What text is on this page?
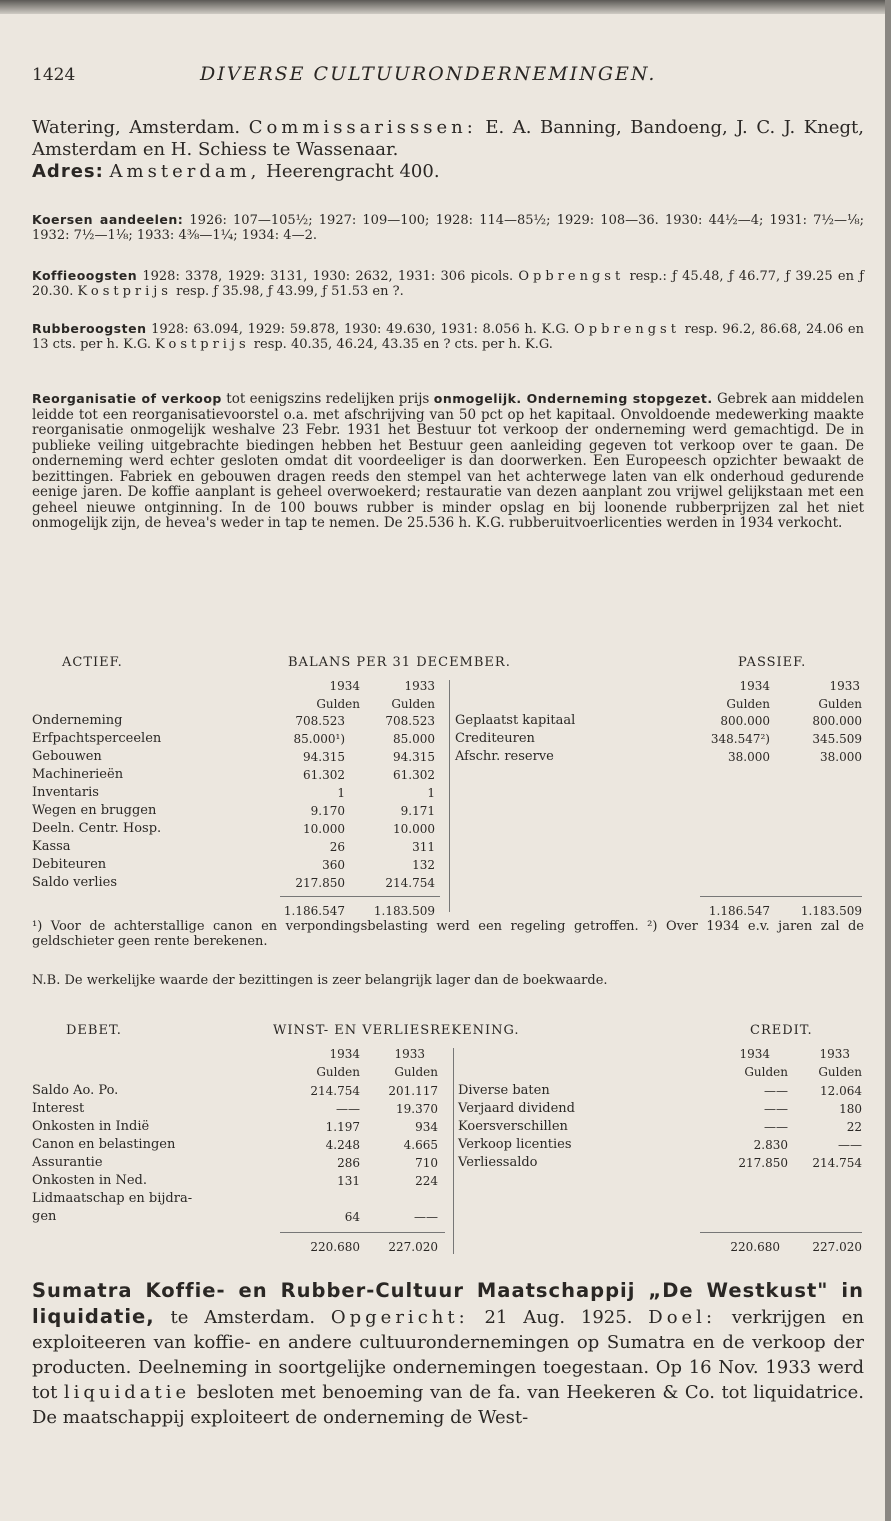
1424	DIVERSE CULTUURONDERNEMINGEN.
Watering, Amsterdam. Commissarisssen: E. A. Banning, Bandoeng, J. C. J. Knegt, Amsterdam en H. Schiess te Wassenaar.
Adres: Amsterdam, Heerengracht 400.
Koersen aandeelen: 1926: 107—105½; 1927: 109—100; 1928: 114—85½; 1929: 108—36. 1930: 44½—4; 1931: 7½—⅛; 1932: 7½—1⅛; 1933: 4⅜—1¼; 1934: 4—2.
Koffieoogsten 1928: 3378, 1929: 3131, 1930: 2632, 1931: 306 picols. Opbrengst resp.: ƒ 45.48, ƒ 46.77, ƒ 39.25 en ƒ 20.30. Kostprijs resp. ƒ 35.98, ƒ 43.99, ƒ 51.53 en ?.
Rubberoogsten 1928: 63.094, 1929: 59.878, 1930: 49.630, 1931: 8.056 h. K.G. Opbrengst resp. 96.2, 86.68, 24.06 en 13 cts. per h. K.G. Kostprijs resp. 40.35, 46.24, 43.35 en ? cts. per h. K.G.
Reorganisatie of verkoop tot eenigszins redelijken prijs onmogelijk. Onderneming stopgezet. Gebrek aan middelen leidde tot een reorganisatievoorstel o.a. met afschrijving van 50 pct op het kapitaal. Onvoldoende medewerking maakte reorganisatie onmogelijk weshalve 23 Febr. 1931 het Bestuur tot verkoop der onderneming werd gemachtigd. De in publieke veiling uitgebrachte biedingen hebben het Bestuur geen aanleiding gegeven tot verkoop over te gaan. De onderneming werd echter gesloten omdat dit voordeeliger is dan doorwerken. Een Europeesch opzichter bewaakt de bezittingen. Fabriek en gebouwen dragen reeds den stempel van het achterwege laten van elk onderhoud gedurende eenige jaren. De koffie aanplant is geheel overwoekerd; restauratie van dezen aanplant zou vrijwel gelijkstaan met een geheel nieuwe ontginning. In de 100 bouws rubber is minder opslag en bij loonende rubberprijzen zal het niet onmogelijk zijn, de hevea's weder in tap te nemen. De 25.536 h. K.G. rubberuitvoerlicenties werden in 1934 verkocht.
ACTIEF.	BALANS PER 31 DECEMBER.	PASSIEF.
1934	1933
Gulden	Gulden
1934	1933
Gulden	Gulden
Onderneming	708.523	708.523
Erfpachtsperceelen	85.000¹)	85.000
Gebouwen	94.315	94.315
Machinerieën	61.302	61.302
Inventaris	1	1
Wegen en bruggen	9.170	9.171
Deeln. Centr. Hosp.	10.000	10.000
Kassa	26	311
Debiteuren	360	132
Saldo verlies	217.850	214.754
Geplaatst kapitaal	800.000	800.000
Crediteuren	348.547²)	345.509
Afschr. reserve	38.000	38.000
1.186.547	1.183.509	1.186.547	1.183.509
¹) Voor de achterstallige canon en verpondingsbelasting werd een regeling getroffen. ²) Over 1934 e.v. jaren zal de geldschieter geen rente berekenen.
N.B. De werkelijke waarde der bezittingen is zeer belangrijk lager dan de boekwaarde.
DEBET.	WINST- EN VERLIESREKENING.	CREDIT.
1934	1933
Gulden	Gulden
1934	1933
Gulden	Gulden
Saldo Ao. Po.	214.754	201.117
Interest	——	19.370
Onkosten in Indië	1.197	934
Canon en belastingen	4.248	4.665
Assurantie	286	710
Onkosten in Ned.	131	224
Lidmaatschap en bijdra-
gen	64	——
Diverse baten	——	12.064
Verjaard dividend	——	180
Koersverschillen	——	22
Verkoop licenties	2.830	——
Verliessaldo	217.850	214.754
220.680	227.020	220.680	227.020
Sumatra Koffie- en Rubber-Cultuur Maatschappij „De Westkust" in liquidatie, te Amsterdam. Opgericht: 21 Aug. 1925. Doel: verkrijgen en exploiteeren van koffie- en andere cultuurondernemingen op Sumatra en de verkoop der producten. Deelneming in soortgelijke ondernemingen toegestaan. Op 16 Nov. 1933 werd tot liquidatie besloten met benoeming van de fa. van Heekeren & Co. tot liquidatrice. De maatschappij exploiteert de onderneming de West-
